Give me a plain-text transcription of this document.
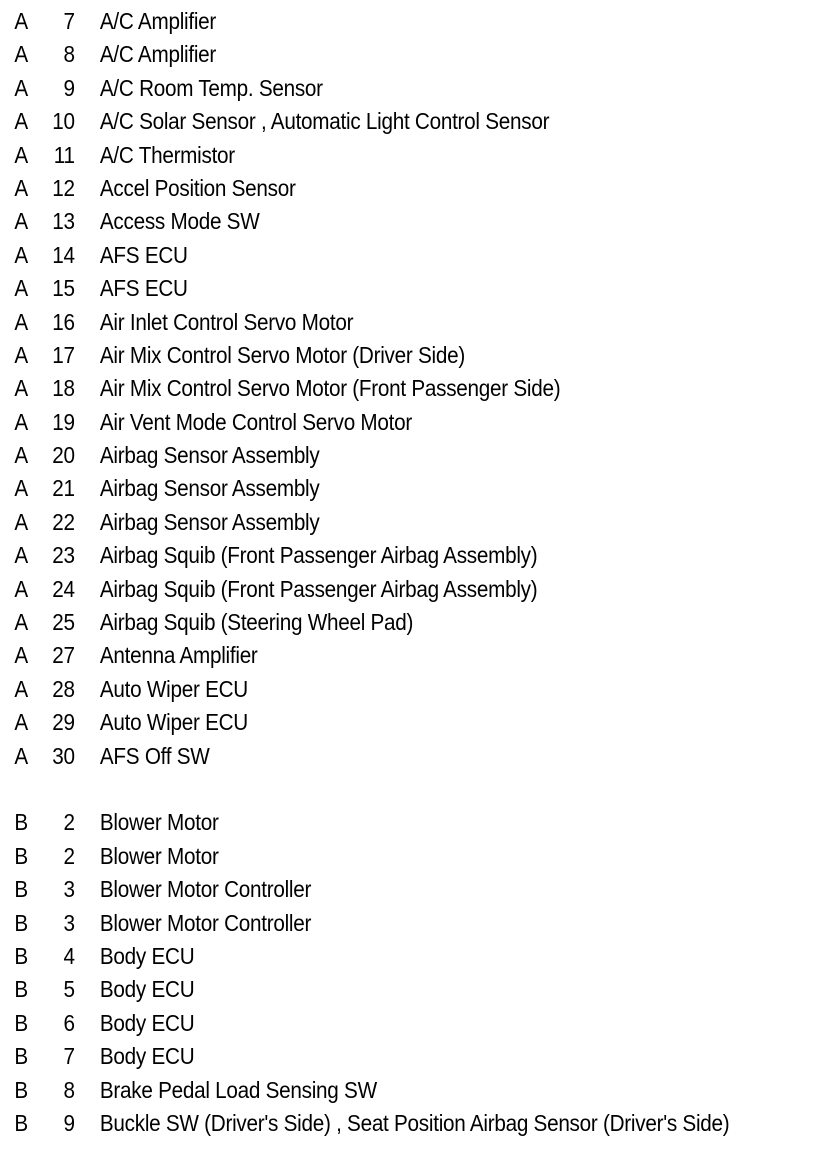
A	7 A/C Amplifier
A	8 A/C Amplifier
A	9 A/C Room Temp. Sensor
A	10 A/C Solar Sensor , Automatic Light Control Sensor
A	11 A/C Thermistor
A	12 Accel Position Sensor
A	13 Access Mode SW
A	14 AFS ECU
A	15 AFS ECU
A	16 Air Inlet Control Servo Motor
A	17 Air Mix Control Servo Motor (Driver Side)
A	18 Air Mix Control Servo Motor (Front Passenger Side)
A	19 Air Vent Mode Control Servo Motor
A	20 Airbag Sensor Assembly
A	21 Airbag Sensor Assembly
A	22 Airbag Sensor Assembly
A	23 Airbag Squib (Front Passenger Airbag Assembly)
A	24 Airbag Squib (Front Passenger Airbag Assembly)
A	25 Airbag Squib (Steering Wheel Pad)
A	27 Antenna Amplifier
A	28 Auto Wiper ECU
A	29 Auto Wiper ECU
A	30 AFS Off SW
B	2 Blower Motor
B	2 Blower Motor
B	3 Blower Motor Controller
B	3 Blower Motor Controller
B	4 Body ECU
B	5 Body ECU
B	6 Body ECU
B	7 Body ECU
B	8 Brake Pedal Load Sensing SW
B	9 Buckle SW (Driver's Side) , Seat Position Airbag Sensor (Driver's Side)
